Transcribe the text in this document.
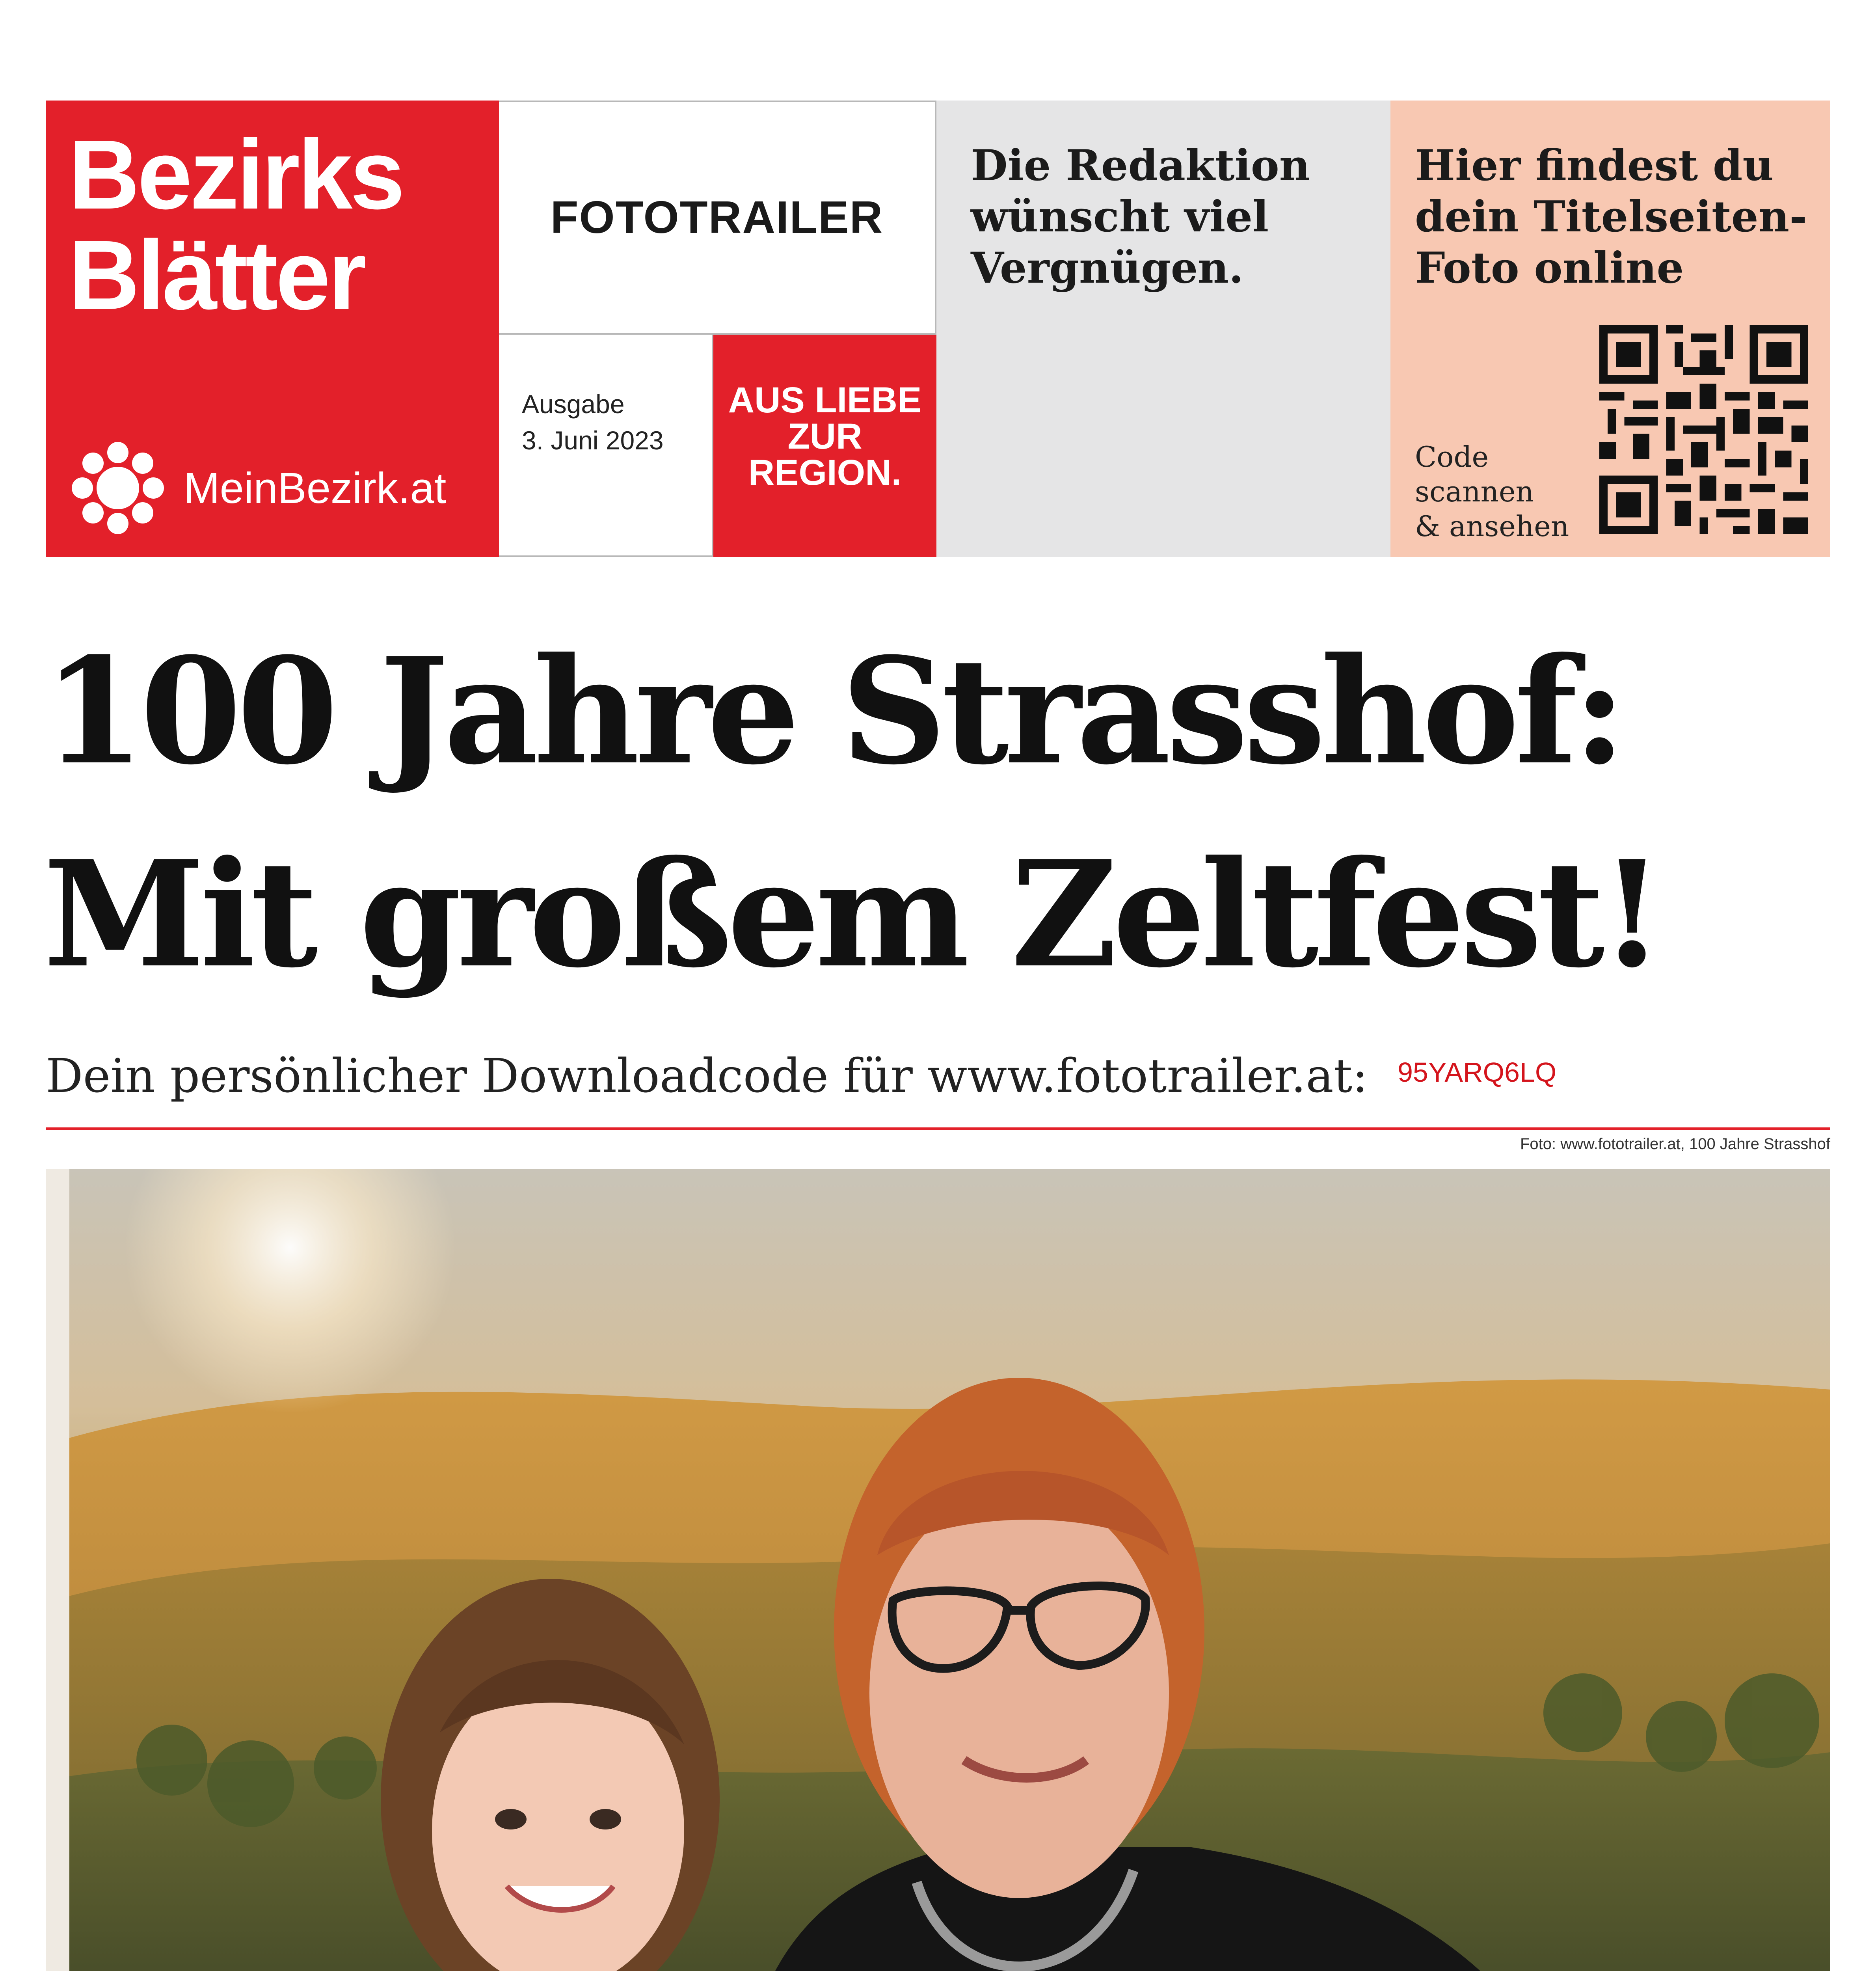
Bezirks
Blätter
MeinBezirk.at
FOTOTRAILER
Ausgabe
3. Juni 2023
AUS LIEBE
ZUR
REGION.
Die Redaktion
wünscht viel
Vergnügen.
Hier findest du
dein Titelseiten-
Foto online
Code
scannen
& ansehen
100 Jahre Strasshof:
Mit großem Zeltfest!
Dein persönlicher Downloadcode für www.fototrailer.at: 95YARQ6LQ
Foto: www.fototrailer.at, 100 Jahre Strasshof
